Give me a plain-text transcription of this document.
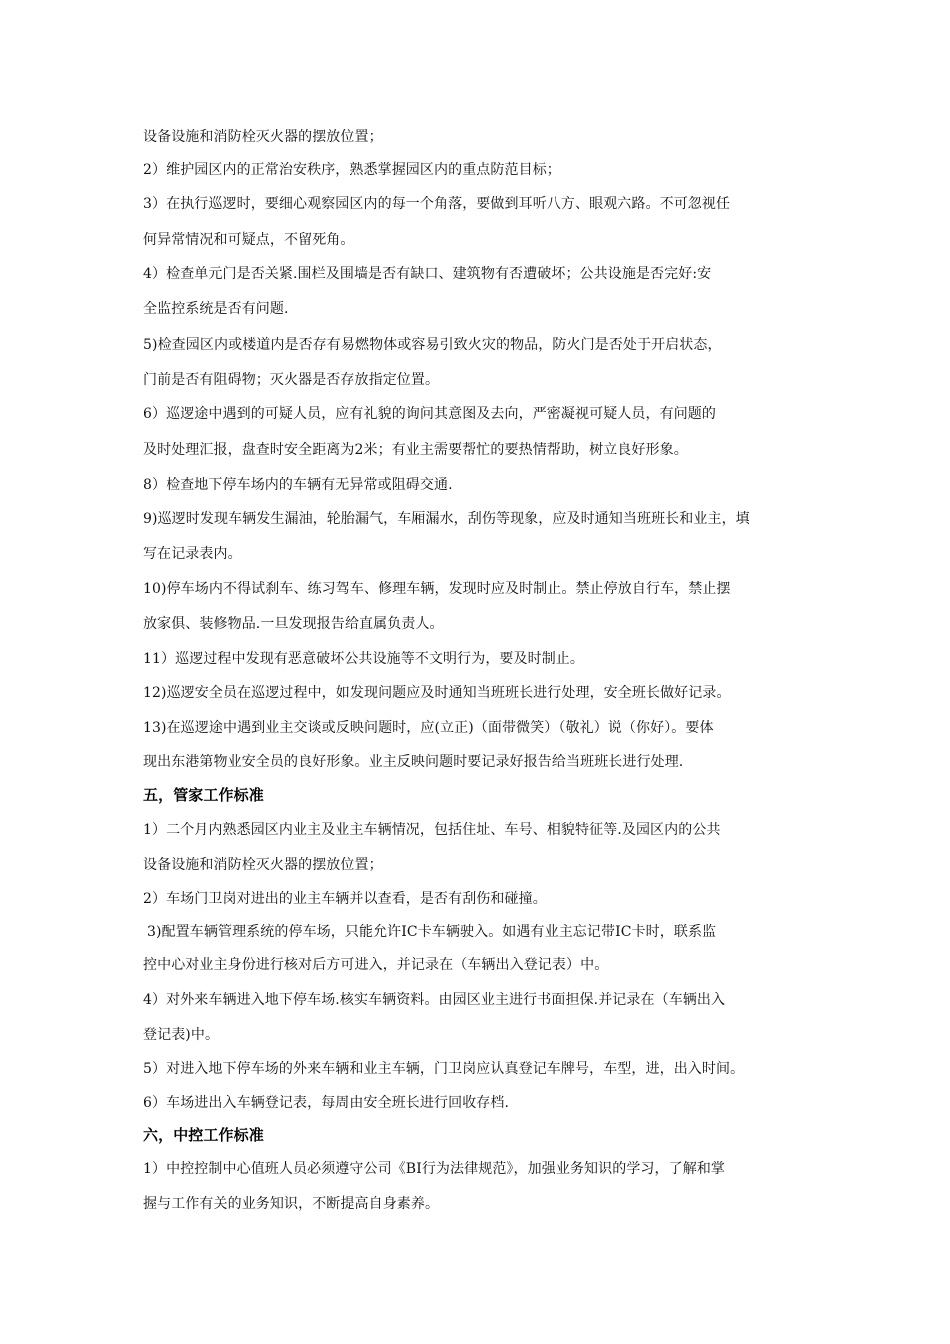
设备设施和消防栓灭火器的摆放位置；
2）维护园区内的正常治安秩序，熟悉掌握园区内的重点防范目标；
3）在执行巡逻时，要细心观察园区内的每一个角落，要做到耳听八方、眼观六路。不可忽视任
何异常情况和可疑点，不留死角。
4）检查单元门是否关紧.围栏及围墙是否有缺口、建筑物有否遭破坏；公共设施是否完好:安
全监控系统是否有问题.
5)检查园区内或楼道内是否存有易燃物体或容易引致火灾的物品，防火门是否处于开启状态，
门前是否有阻碍物；灭火器是否存放指定位置。
6）巡逻途中遇到的可疑人员，应有礼貌的询问其意图及去向，严密凝视可疑人员，有问题的
及时处理汇报，盘查时安全距离为2米；有业主需要帮忙的要热情帮助，树立良好形象。
8）检查地下停车场内的车辆有无异常或阻碍交通.
9)巡逻时发现车辆发生漏油，轮胎漏气，车厢漏水，刮伤等现象，应及时通知当班班长和业主，填
写在记录表内。
10)停车场内不得试刹车、练习驾车、修理车辆，发现时应及时制止。禁止停放自行车，禁止摆
放家俱、装修物品.一旦发现报告给直属负责人。
11）巡逻过程中发现有恶意破坏公共设施等不文明行为，要及时制止。
12)巡逻安全员在巡逻过程中，如发现问题应及时通知当班班长进行处理，安全班长做好记录。
13)在巡逻途中遇到业主交谈或反映问题时，应(立正)（面带微笑）（敬礼）说（你好）。要体
现出东港第物业安全员的良好形象。业主反映问题时要记录好报告给当班班长进行处理.
五，管家工作标准
1）二个月内熟悉园区内业主及业主车辆情况，包括住址、车号、相貌特征等.及园区内的公共
设备设施和消防栓灭火器的摆放位置；
2）车场门卫岗对进出的业主车辆并以查看，是否有刮伤和碰撞。
3)配置车辆管理系统的停车场，只能允许IC卡车辆驶入。如遇有业主忘记带IC卡时，联系监
控中心对业主身份进行核对后方可进入，并记录在（车辆出入登记表）中。
4）对外来车辆进入地下停车场.核实车辆资料。由园区业主进行书面担保.并记录在（车辆出入
登记表)中。
5）对进入地下停车场的外来车辆和业主车辆，门卫岗应认真登记车牌号，车型，进，出入时间。
6）车场进出入车辆登记表，每周由安全班长进行回收存档.
六，中控工作标准
1）中控控制中心值班人员必须遵守公司《BI行为法律规范》，加强业务知识的学习，了解和掌
握与工作有关的业务知识，不断提高自身素养。
